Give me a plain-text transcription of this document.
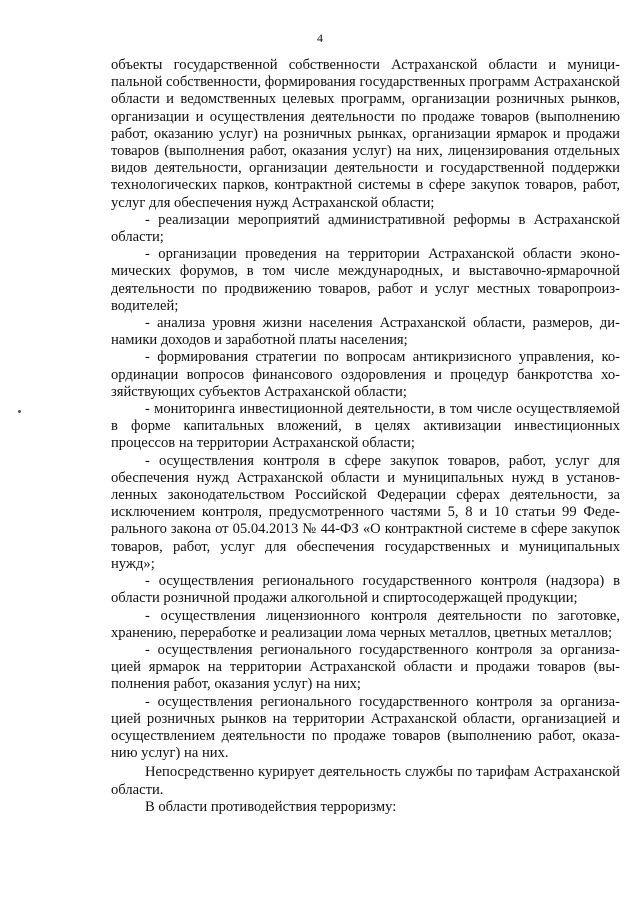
4

объекты государственной собственности Астраханской области и муниципальной собственности, формирования государственных программ Астраханской области и ведомственных целевых программ, организации розничных рынков, организации и осуществления деятельности по продаже товаров (выполнению работ, оказанию услуг) на розничных рынках, организации ярмарок и продажи товаров (выполнения работ, оказания услуг) на них, лицензирования отдельных видов деятельности, организации деятельности и государственной поддержки технологических парков, контрактной системы в сфере закупок товаров, работ, услуг для обеспечения нужд Астраханской области;

- реализации мероприятий административной реформы в Астраханской области;

- организации проведения на территории Астраханской области экономических форумов, в том числе международных, и выставочно-ярмарочной деятельности по продвижению товаров, работ и услуг местных товаропроизводителей;

- анализа уровня жизни населения Астраханской области, размеров, динамики доходов и заработной платы населения;

- формирования стратегии по вопросам антикризисного управления, координации вопросов финансового оздоровления и процедур банкротства хозяйствующих субъектов Астраханской области;

- мониторинга инвестиционной деятельности, в том числе осуществляемой в форме капитальных вложений, в целях активизации инвестиционных процессов на территории Астраханской области;

- осуществления контроля в сфере закупок товаров, работ, услуг для обеспечения нужд Астраханской области и муниципальных нужд в установленных законодательством Российской Федерации сферах деятельности, за исключением контроля, предусмотренного частями 5, 8 и 10 статьи 99 Федерального закона от 05.04.2013 № 44-ФЗ «О контрактной системе в сфере закупок товаров, работ, услуг для обеспечения государственных и муниципальных нужд»;

- осуществления регионального государственного контроля (надзора) в области розничной продажи алкогольной и спиртосодержащей продукции;

- осуществления лицензионного контроля деятельности по заготовке, хранению, переработке и реализации лома черных металлов, цветных металлов;

- осуществления регионального государственного контроля за организацией ярмарок на территории Астраханской области и продажи товаров (выполнения работ, оказания услуг) на них;

- осуществления регионального государственного контроля за организацией розничных рынков на территории Астраханской области, организацией и осуществлением деятельности по продаже товаров (выполнению работ, оказанию услуг) на них.

Непосредственно курирует деятельность службы по тарифам Астраханской области.

В области противодействия терроризму:
